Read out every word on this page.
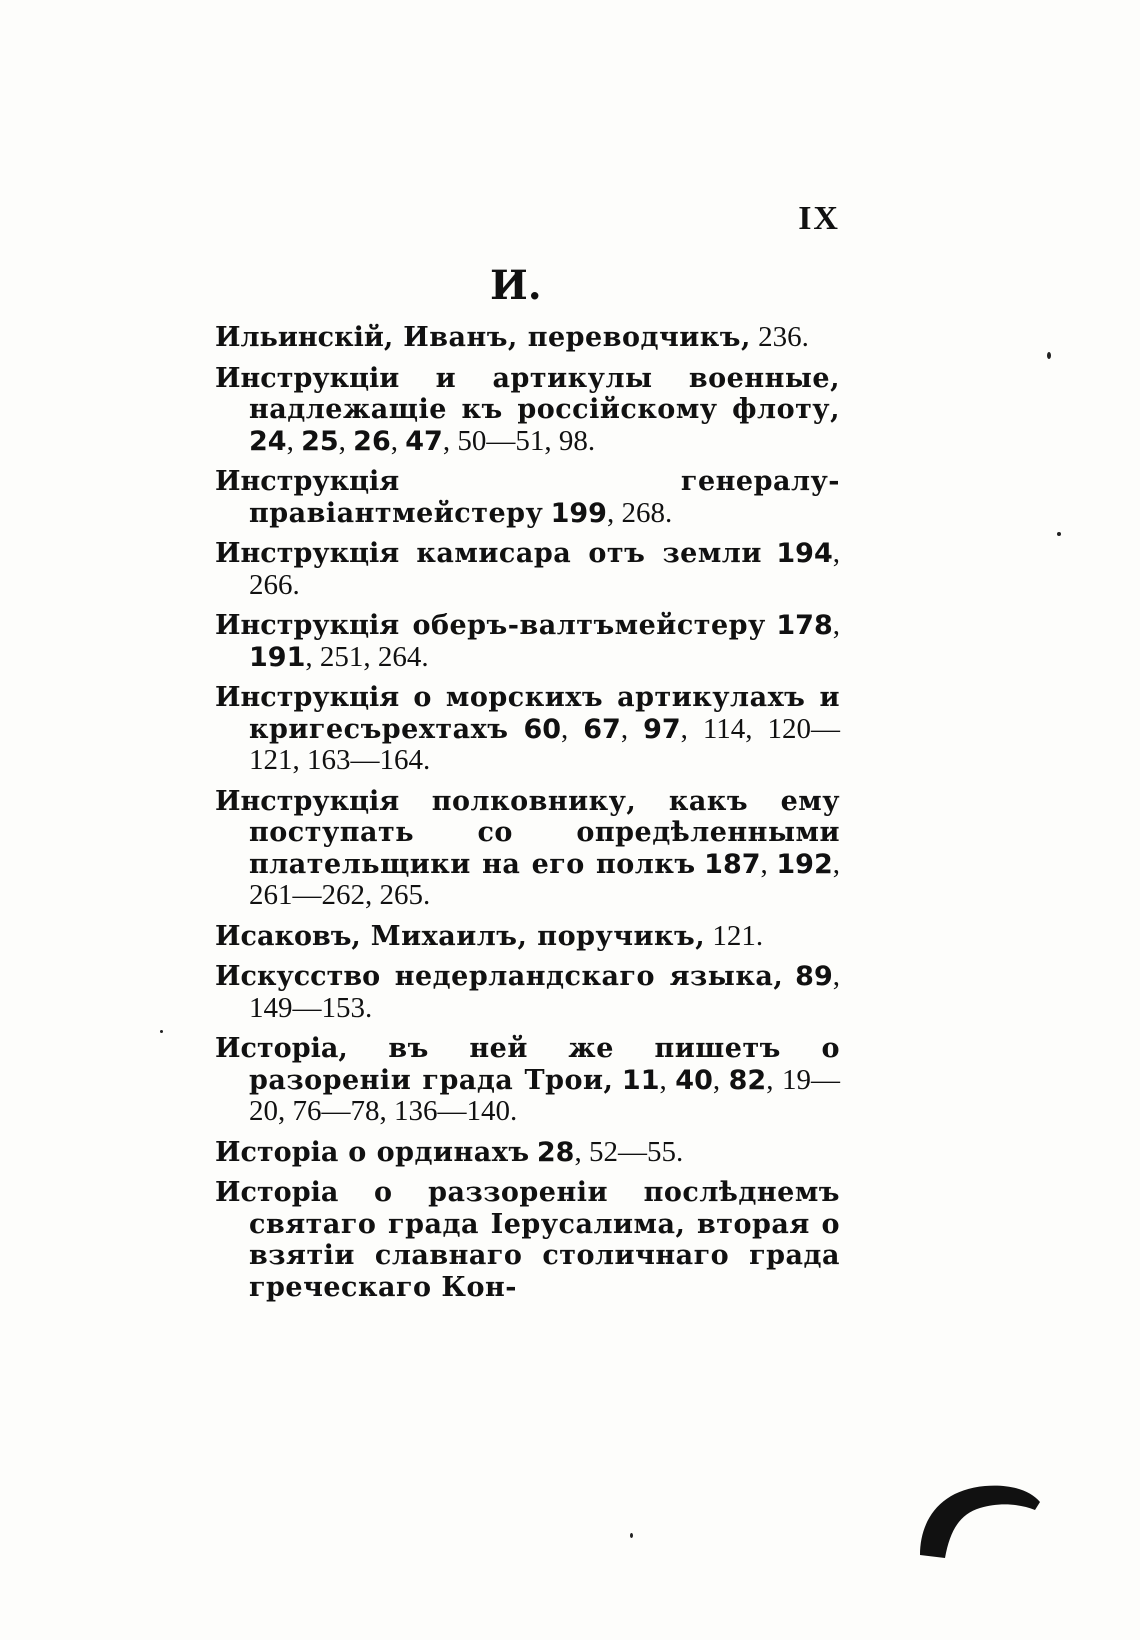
IX
И.

Ильинскій, Иванъ, переводчикъ, 236.

Инструкціи и артикулы военные, надлежащіе къ россійскому флоту, 24, 25, 26, 47, 50—51, 98.

Инструкція генералу-правіантмейстеру 199, 268.

Инструкція камисара отъ земли 194, 266.

Инструкція оберъ-валтъмейстеру 178, 191, 251, 264.

Инструкція о морскихъ артикулахъ и кригесърехтахъ 60, 67, 97, 114, 120—121, 163—164.

Инструкція полковнику, какъ ему поступать со опредѣленными плательщики на его полкъ 187, 192, 261—262, 265.

Исаковъ, Михаилъ, поручикъ, 121.

Искусство недерландскаго языка, 89, 149—153.

Исторіа, въ ней же пишетъ о разореніи града Трои, 11, 40, 82, 19—20, 76—78, 136—140.

Исторіа о ординахъ 28, 52—55.

Исторіа о раззореніи послѣднемъ святаго града Іерусалима, вторая о взятіи славнаго столичнаго града греческаго Кон-
